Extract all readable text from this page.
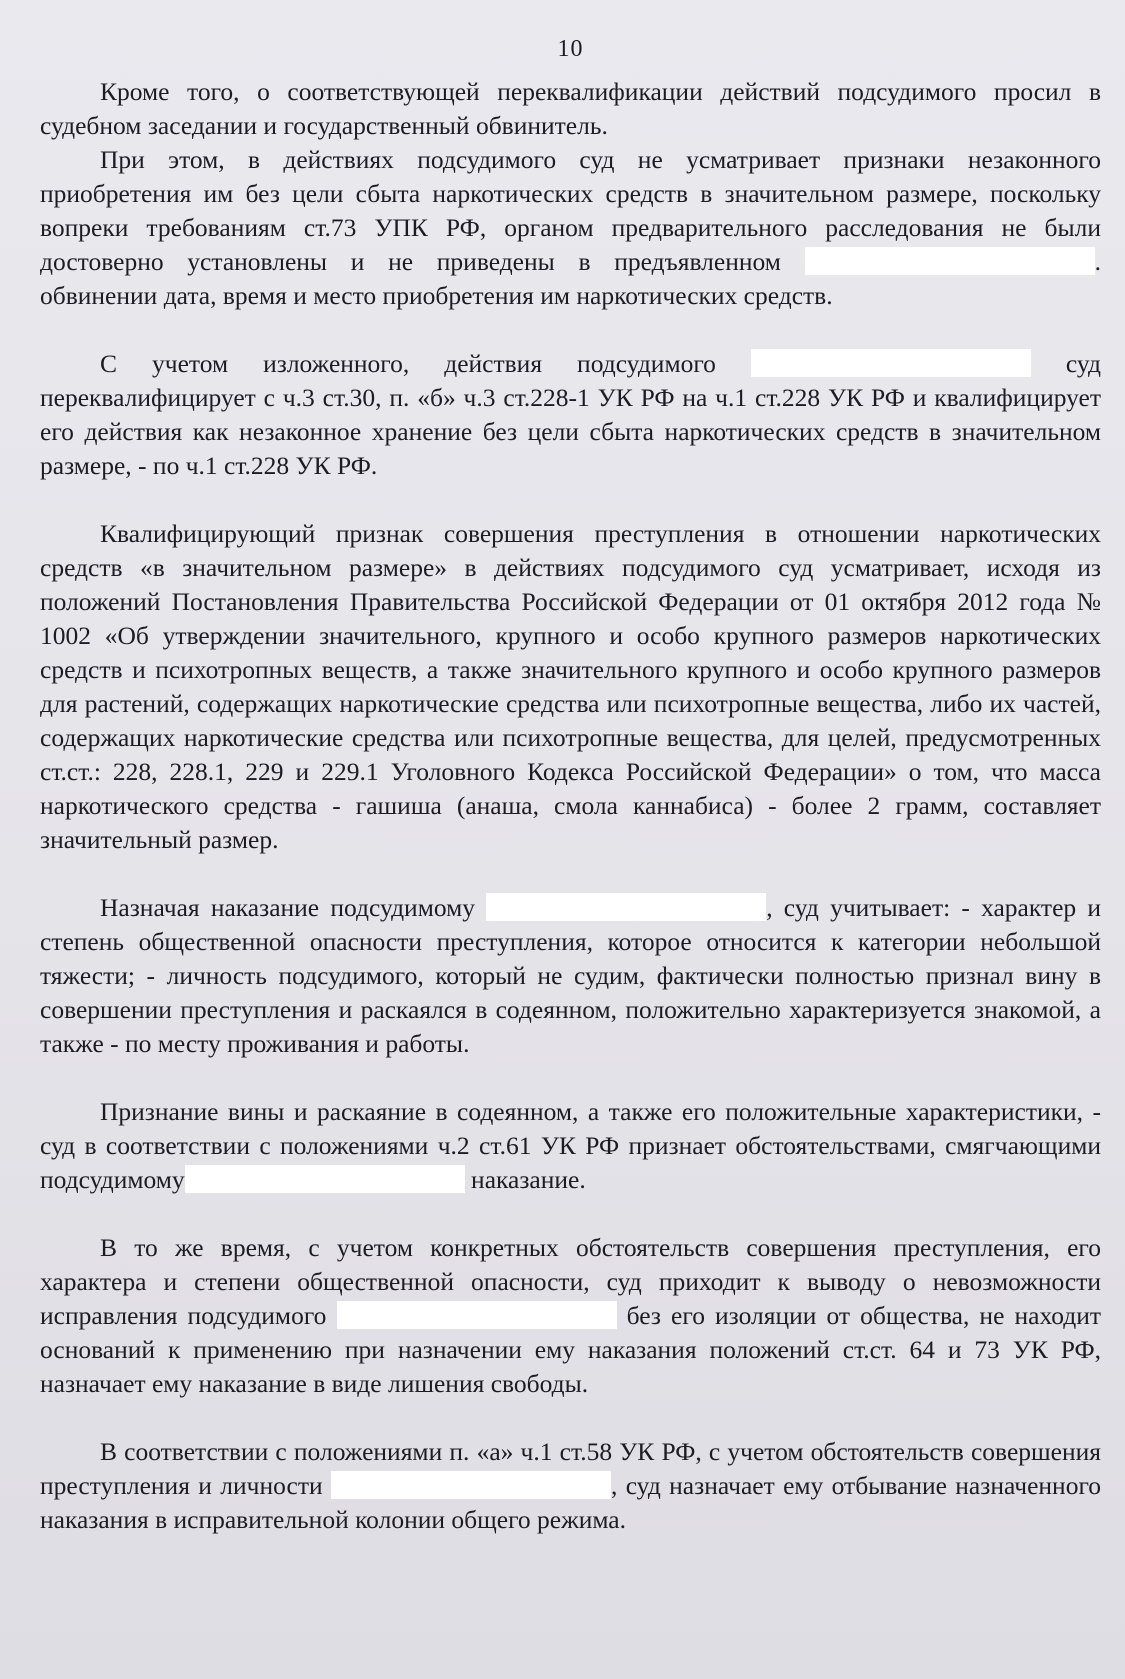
10

Кроме того, о соответствующей переквалификации действий подсудимого просил в судебном заседании и государственный обвинитель.

При этом, в действиях подсудимого суд не усматривает признаки незаконного приобретения им без цели сбыта наркотических средств в значительном размере, поскольку вопреки требованиям ст.73 УПК РФ, органом предварительного расследования не были достоверно установлены и не приведены в предъявленном	. обвинении дата, время и место приобретения им наркотических средств.

С учетом изложенного, действия подсудимого	суд переквалифицирует с ч.3 ст.30, п. «б» ч.3 ст.228-1 УК РФ на ч.1 ст.228 УК РФ и квалифицирует его действия как незаконное хранение без цели сбыта наркотических средств в значительном размере, - по ч.1 ст.228 УК РФ.

Квалифицирующий признак совершения преступления в отношении наркотических средств «в значительном размере» в действиях подсудимого суд усматривает, исходя из положений Постановления Правительства Российской Федерации от 01 октября 2012 года № 1002 «Об утверждении значительного, крупного и особо крупного размеров наркотических средств и психотропных веществ, а также значительного крупного и особо крупного размеров для растений, содержащих наркотические средства или психотропные вещества, либо их частей, содержащих наркотические средства или психотропные вещества, для целей, предусмотренных ст.ст.: 228, 228.1, 229 и 229.1 Уголовного Кодекса Российской Федерации» о том, что масса наркотического средства - гашиша (анаша, смола каннабиса) - более 2 грамм, составляет значительный размер.

Назначая наказание подсудимому	, суд учитывает: - характер и степень общественной опасности преступления, которое относится к категории небольшой тяжести; - личность подсудимого, который не судим, фактически полностью признал вину в совершении преступления и раскаялся в содеянном, положительно характеризуется знакомой, а также - по месту проживания и работы.

Признание вины и раскаяние в содеянном, а также его положительные характеристики, - суд в соответствии с положениями ч.2 ст.61 УК РФ признает обстоятельствами, смягчающими подсудимому	наказание.

В то же время, с учетом конкретных обстоятельств совершения преступления, его характера и степени общественной опасности, суд приходит к выводу о невозможности исправления подсудимого	без его изоляции от общества, не находит оснований к применению при назначении ему наказания положений ст.ст. 64 и 73 УК РФ, назначает ему наказание в виде лишения свободы.

В соответствии с положениями п. «а» ч.1 ст.58 УК РФ, с учетом обстоятельств совершения преступления и личности	, суд назначает ему отбывание назначенного наказания в исправительной колонии общего режима.
